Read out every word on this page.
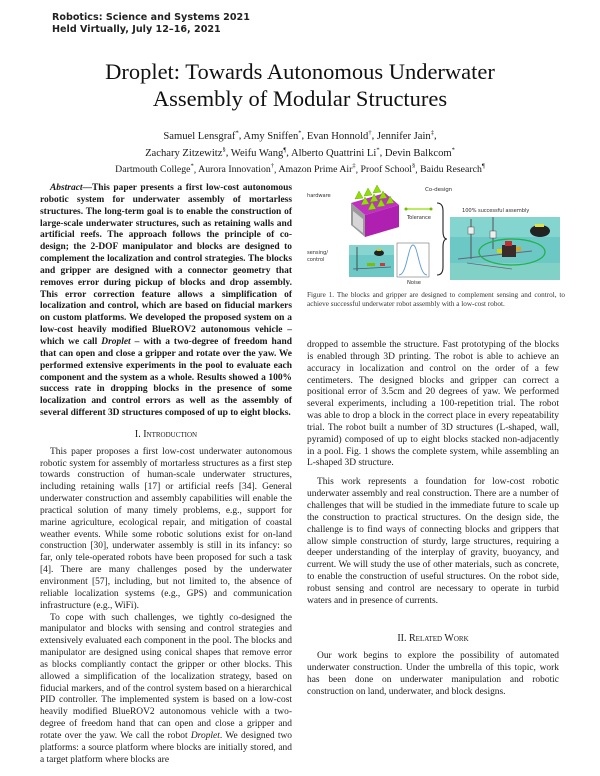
Robotics: Science and Systems 2021
Held Virtually, July 12–16, 2021
Droplet: Towards Autonomous Underwater
Assembly of Modular Structures
Samuel Lensgraf*, Amy Sniffen*, Evan Honnold†, Jennifer Jain‡,
Zachary Zitzewitz§, Weifu Wang¶, Alberto Quattrini Li*, Devin Balkcom*
Dartmouth College*, Aurora Innovation†, Amazon Prime Air‡, Proof School§, Baidu Research¶

Abstract—This paper presents a first low-cost autonomous robotic system for underwater assembly of mortarless structures. The long-term goal is to enable the construction of large-scale underwater structures, such as retaining walls and artificial reefs. The approach follows the principle of co-design; the 2-DOF manipulator and blocks are designed to complement the localization and control strategies. The blocks and gripper are designed with a connector geometry that removes error during pickup of blocks and drop assembly. This error correction feature allows a simplification of localization and control, which are based on fiducial markers on custom platforms. We developed the proposed system on a low-cost heavily modified BlueROV2 autonomous vehicle – which we call Droplet – with a two-degree of freedom hand that can open and close a gripper and rotate over the yaw. We performed extensive experiments in the pool to evaluate each component and the system as a whole. Results showed a 100% success rate in dropping blocks in the presence of some localization and control errors as well as the assembly of several different 3D structures composed of up to eight blocks.

I. Introduction

This paper proposes a first low-cost underwater autonomous robotic system for assembly of mortarless structures as a first step towards construction of human-scale underwater structures, including retaining walls [17] or artificial reefs [34]. General underwater construction and assembly capabilities will enable the practical solution of many timely problems, e.g., support for marine agriculture, ecological repair, and mitigation of coastal weather events. While some robotic solutions exist for on-land construction [30], underwater assembly is still in its infancy: so far, only tele-operated robots have been proposed for such a task [4]. There are many challenges posed by the underwater environment [57], including, but not limited to, the absence of reliable localization systems (e.g., GPS) and communication infrastructure (e.g., WiFi).

To cope with such challenges, we tightly co-designed the manipulator and blocks with sensing and control strategies and extensively evaluated each component in the pool. The blocks and manipulator are designed using conical shapes that remove error as blocks compliantly contact the gripper or other blocks. This allowed a simplification of the localization strategy, based on fiducial markers, and of the control system based on a hierarchical PID controller. The implemented system is based on a low-cost heavily modified BlueROV2 autonomous vehicle with a two-degree of freedom hand that can open and close a gripper and rotate over the yaw. We call the robot Droplet. We designed two platforms: a source platform where blocks are initially stored, and a target platform where blocks are

hardware
Tolerance
sensing/
control
Noise
Co-design
100% successful assembly
Figure 1. The blocks and gripper are designed to complement sensing and control, to achieve successful underwater robot assembly with a low-cost robot.

dropped to assemble the structure. Fast prototyping of the blocks is enabled through 3D printing. The robot is able to achieve an accuracy in localization and control on the order of a few centimeters. The designed blocks and gripper can correct a positional error of 3.5cm and 20 degrees of yaw. We performed several experiments, including a 100-repetition trial. The robot was able to drop a block in the correct place in every repeatability trial. The robot built a number of 3D structures (L-shaped, wall, pyramid) composed of up to eight blocks stacked non-adjacently in a pool. Fig. 1 shows the complete system, while assembling an L-shaped 3D structure.

This work represents a foundation for low-cost robotic underwater assembly and real construction. There are a number of challenges that will be studied in the immediate future to scale up the construction to practical structures. On the design side, the challenge is to find ways of connecting blocks and grippers that allow simple construction of sturdy, large structures, requiring a deeper understanding of the interplay of gravity, buoyancy, and current. We will study the use of other materials, such as concrete, to enable the construction of useful structures. On the robot side, robust sensing and control are necessary to operate in turbid waters and in presence of currents.

II. Related Work

Our work begins to explore the possibility of automated underwater construction. Under the umbrella of this topic, work has been done on underwater manipulation and robotic construction on land, underwater, and block designs.
